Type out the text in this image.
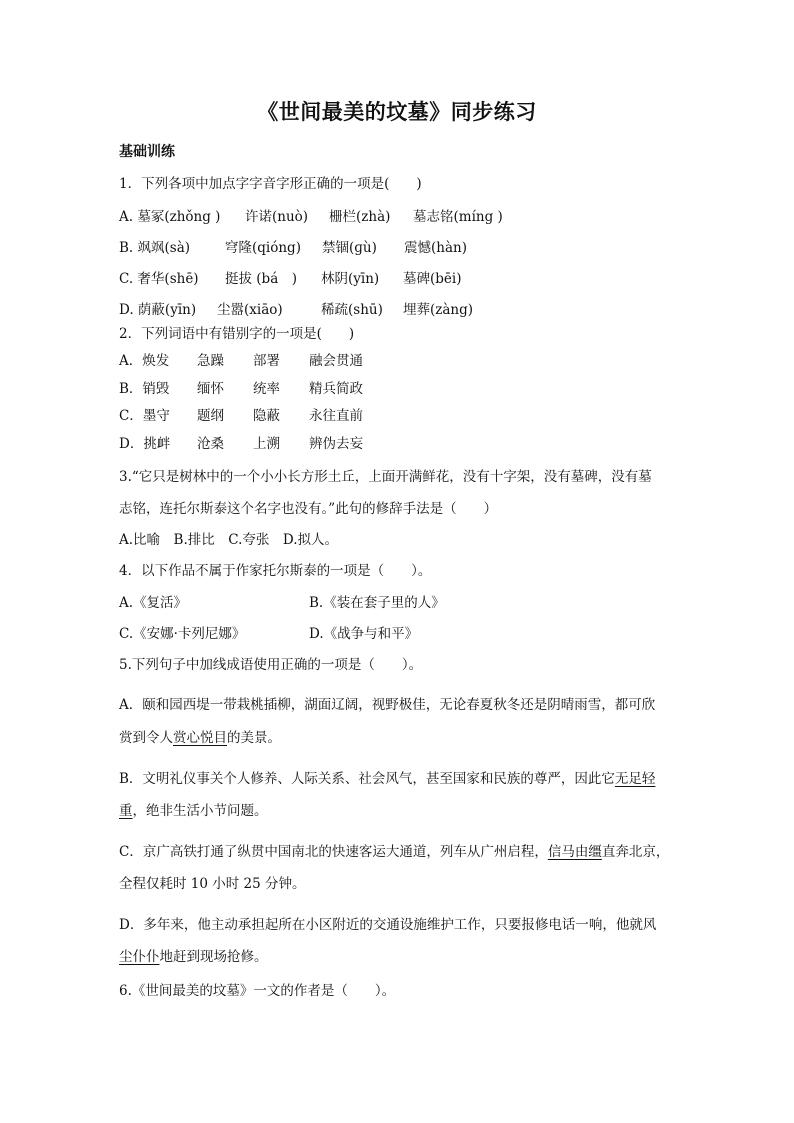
《世间最美的坟墓》同步练习
基础训练
1．下列各项中加点字字音字形正确的一项是(　　)
A. 墓冢(zhǒng ) 许诺(nuò) 栅栏(zhà) 墓志铭(míng )
B. 飒飒(sà)	穹隆(qióng) 禁锢(ɡù) 震憾(hàn)
C. 奢华(shē) 挺拔 (bá　) 林阴(yīn) 墓碑(bēi)
D. 荫蔽(yīn) 尘嚣(xiāo)	稀疏(shū) 埋葬(zàng)
2．下列词语中有错别字的一项是(　　)
A．焕发 急躁 部署 融会贯通
B．销毁 缅怀 统率 精兵简政
C．墨守 题纲 隐蔽 永往直前
D．挑衅 沧桑 上溯 辨伪去妄
3.“它只是树林中的一个小小长方形土丘，上面开满鲜花，没有十字架，没有墓碑，没有墓
志铭，连托尔斯泰这个名字也没有。”此句的修辞手法是（　　）
A.比喻　B.排比　C.夸张　D.拟人。
4．以下作品不属于作家托尔斯泰的一项是（　　）。
A.《复活》	B.《装在套子里的人》
C.《安娜·卡列尼娜》	D.《战争与和平》
5.下列句子中加线成语使用正确的一项是（　　）。
A．颐和园西堤一带栽桃插柳，湖面辽阔，视野极佳，无论春夏秋冬还是阴晴雨雪，都可欣
赏到令人赏心悦目的美景。
B．文明礼仪事关个人修养、人际关系、社会风气，甚至国家和民族的尊严，因此它无足轻
重，绝非生活小节问题。
C．京广高铁打通了纵贯中国南北的快速客运大通道，列车从广州启程，信马由缰直奔北京，
全程仅耗时 10 小时 25 分钟。
D．多年来，他主动承担起所在小区附近的交通设施维护工作，只要报修电话一响，他就风
尘仆仆地赶到现场抢修。
6.《世间最美的坟墓》一文的作者是（　　）。
